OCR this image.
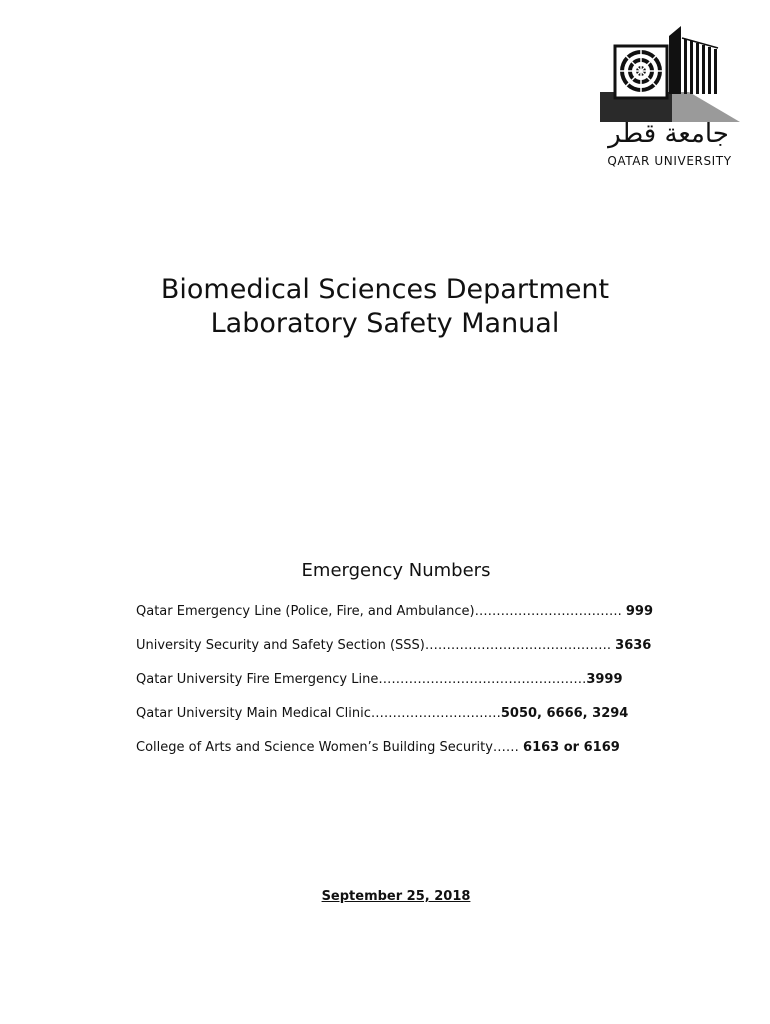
جامعة قطر
QATAR UNIVERSITY
Biomedical Sciences Department
Laboratory Safety Manual
Emergency Numbers
Qatar Emergency Line (Police, Fire, and Ambulance)……………………………. 999
University Security and Safety Section (SSS)……………………………………. 3636
Qatar University Fire Emergency Line…………………………………………3999
Qatar University Main Medical Clinic…………………………5050, 6666, 3294
College of Arts and Science Women’s Building Security…… 6163 or 6169
September 25, 2018
